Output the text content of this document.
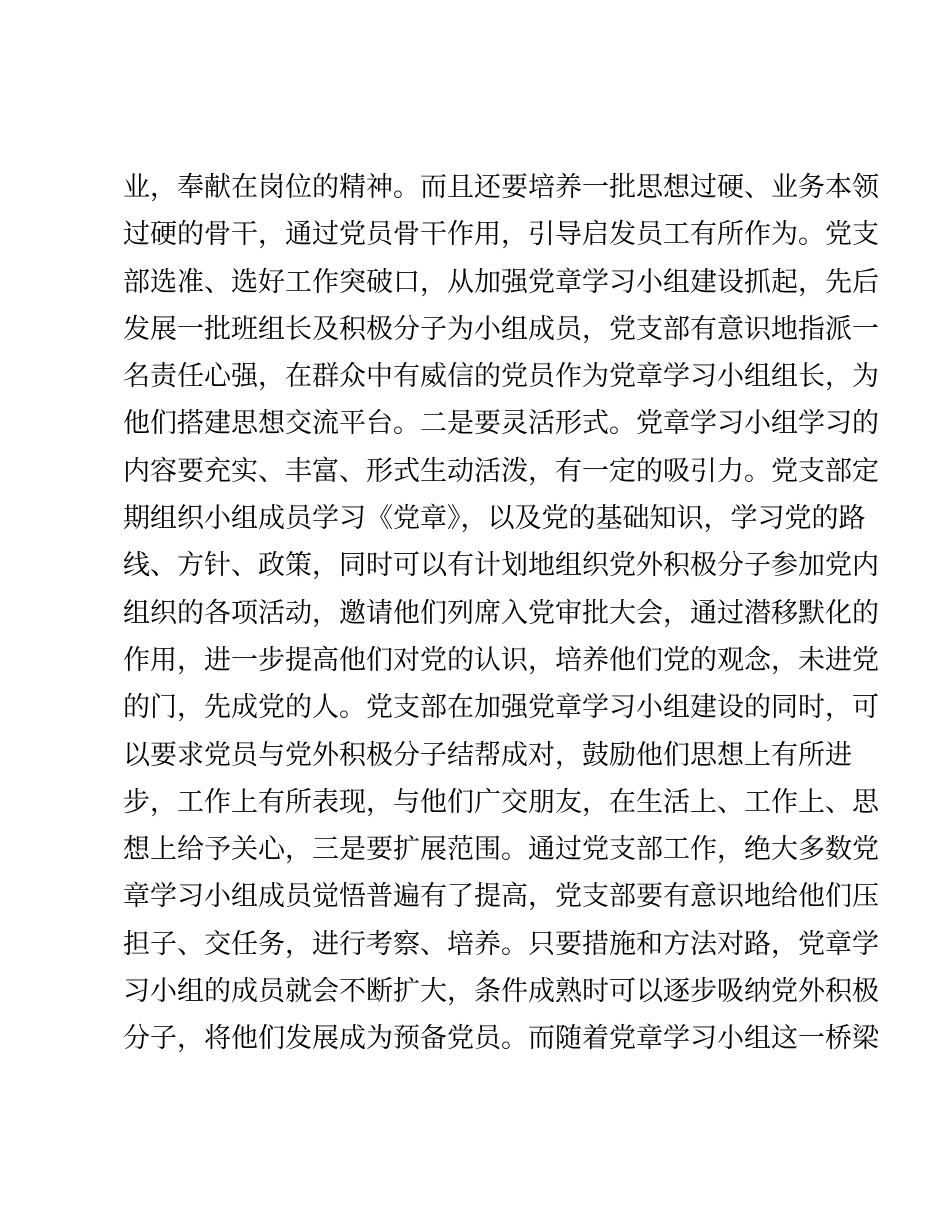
业，奉献在岗位的精神。而且还要培养一批思想过硬、业务本领
过硬的骨干，通过党员骨干作用，引导启发员工有所作为。党支
部选准、选好工作突破口，从加强党章学习小组建设抓起，先后
发展一批班组长及积极分子为小组成员，党支部有意识地指派一
名责任心强，在群众中有威信的党员作为党章学习小组组长，为
他们搭建思想交流平台。二是要灵活形式。党章学习小组学习的
内容要充实、丰富、形式生动活泼，有一定的吸引力。党支部定
期组织小组成员学习《党章》，以及党的基础知识，学习党的路
线、方针、政策，同时可以有计划地组织党外积极分子参加党内
组织的各项活动，邀请他们列席入党审批大会，通过潜移默化的
作用，进一步提高他们对党的认识，培养他们党的观念，未进党
的门，先成党的人。党支部在加强党章学习小组建设的同时，可
以要求党员与党外积极分子结帮成对，鼓励他们思想上有所进
步，工作上有所表现，与他们广交朋友，在生活上、工作上、思
想上给予关心，三是要扩展范围。通过党支部工作，绝大多数党
章学习小组成员觉悟普遍有了提高，党支部要有意识地给他们压
担子、交任务，进行考察、培养。只要措施和方法对路，党章学
习小组的成员就会不断扩大，条件成熟时可以逐步吸纳党外积极
分子，将他们发展成为预备党员。而随着党章学习小组这一桥梁
